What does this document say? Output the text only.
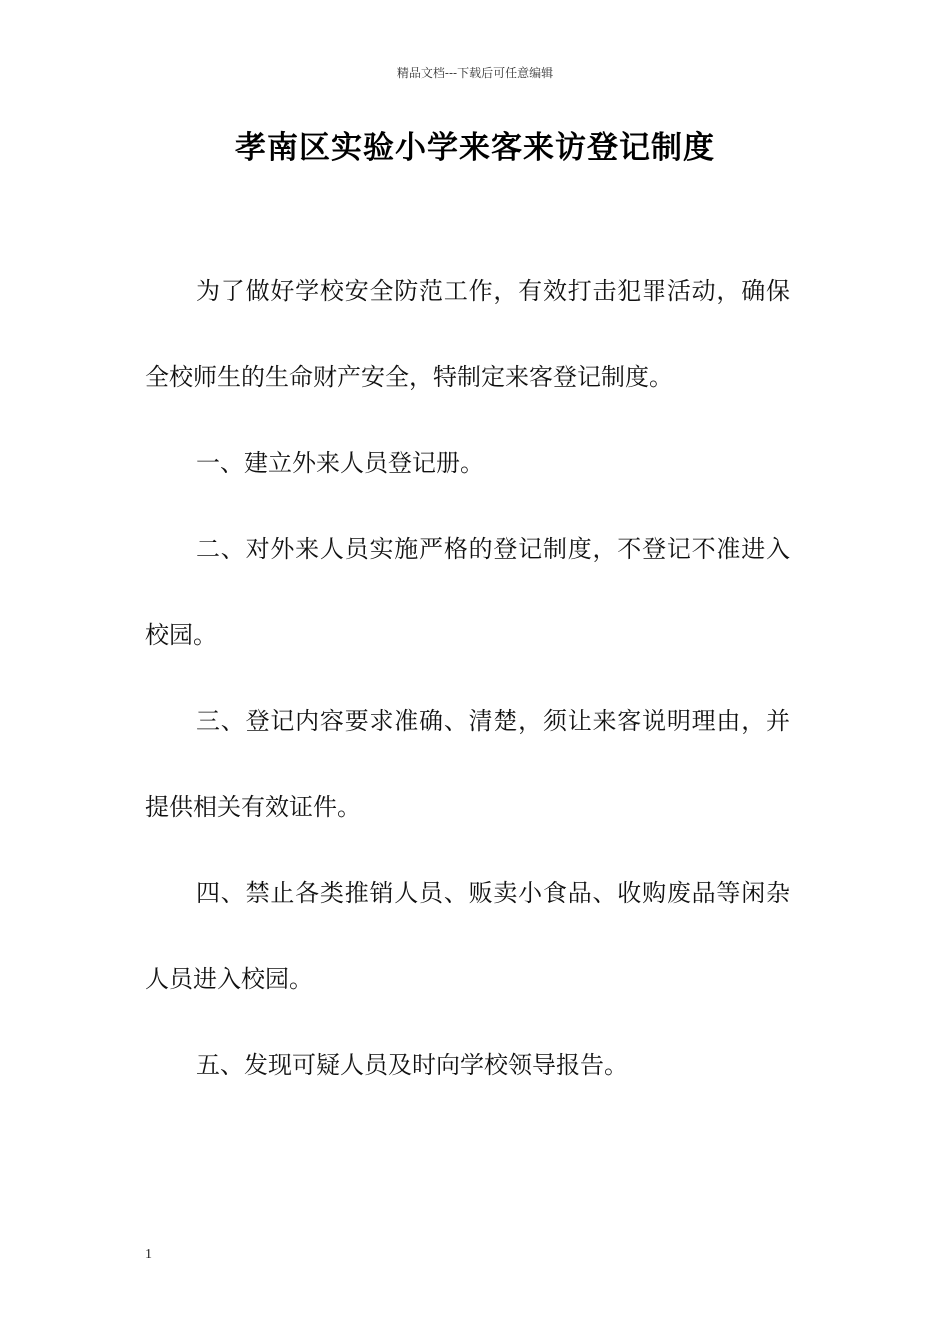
精品文档---下载后可任意编辑
孝南区实验小学来客来访登记制度

为了做好学校安全防范工作，有效打击犯罪活动，确保全校师生的生命财产安全，特制定来客登记制度。

一、建立外来人员登记册。

二、对外来人员实施严格的登记制度，不登记不准进入校园。

三、登记内容要求准确、清楚，须让来客说明理由，并提供相关有效证件。

四、禁止各类推销人员、贩卖小食品、收购废品等闲杂人员进入校园。

五、发现可疑人员及时向学校领导报告。

1
